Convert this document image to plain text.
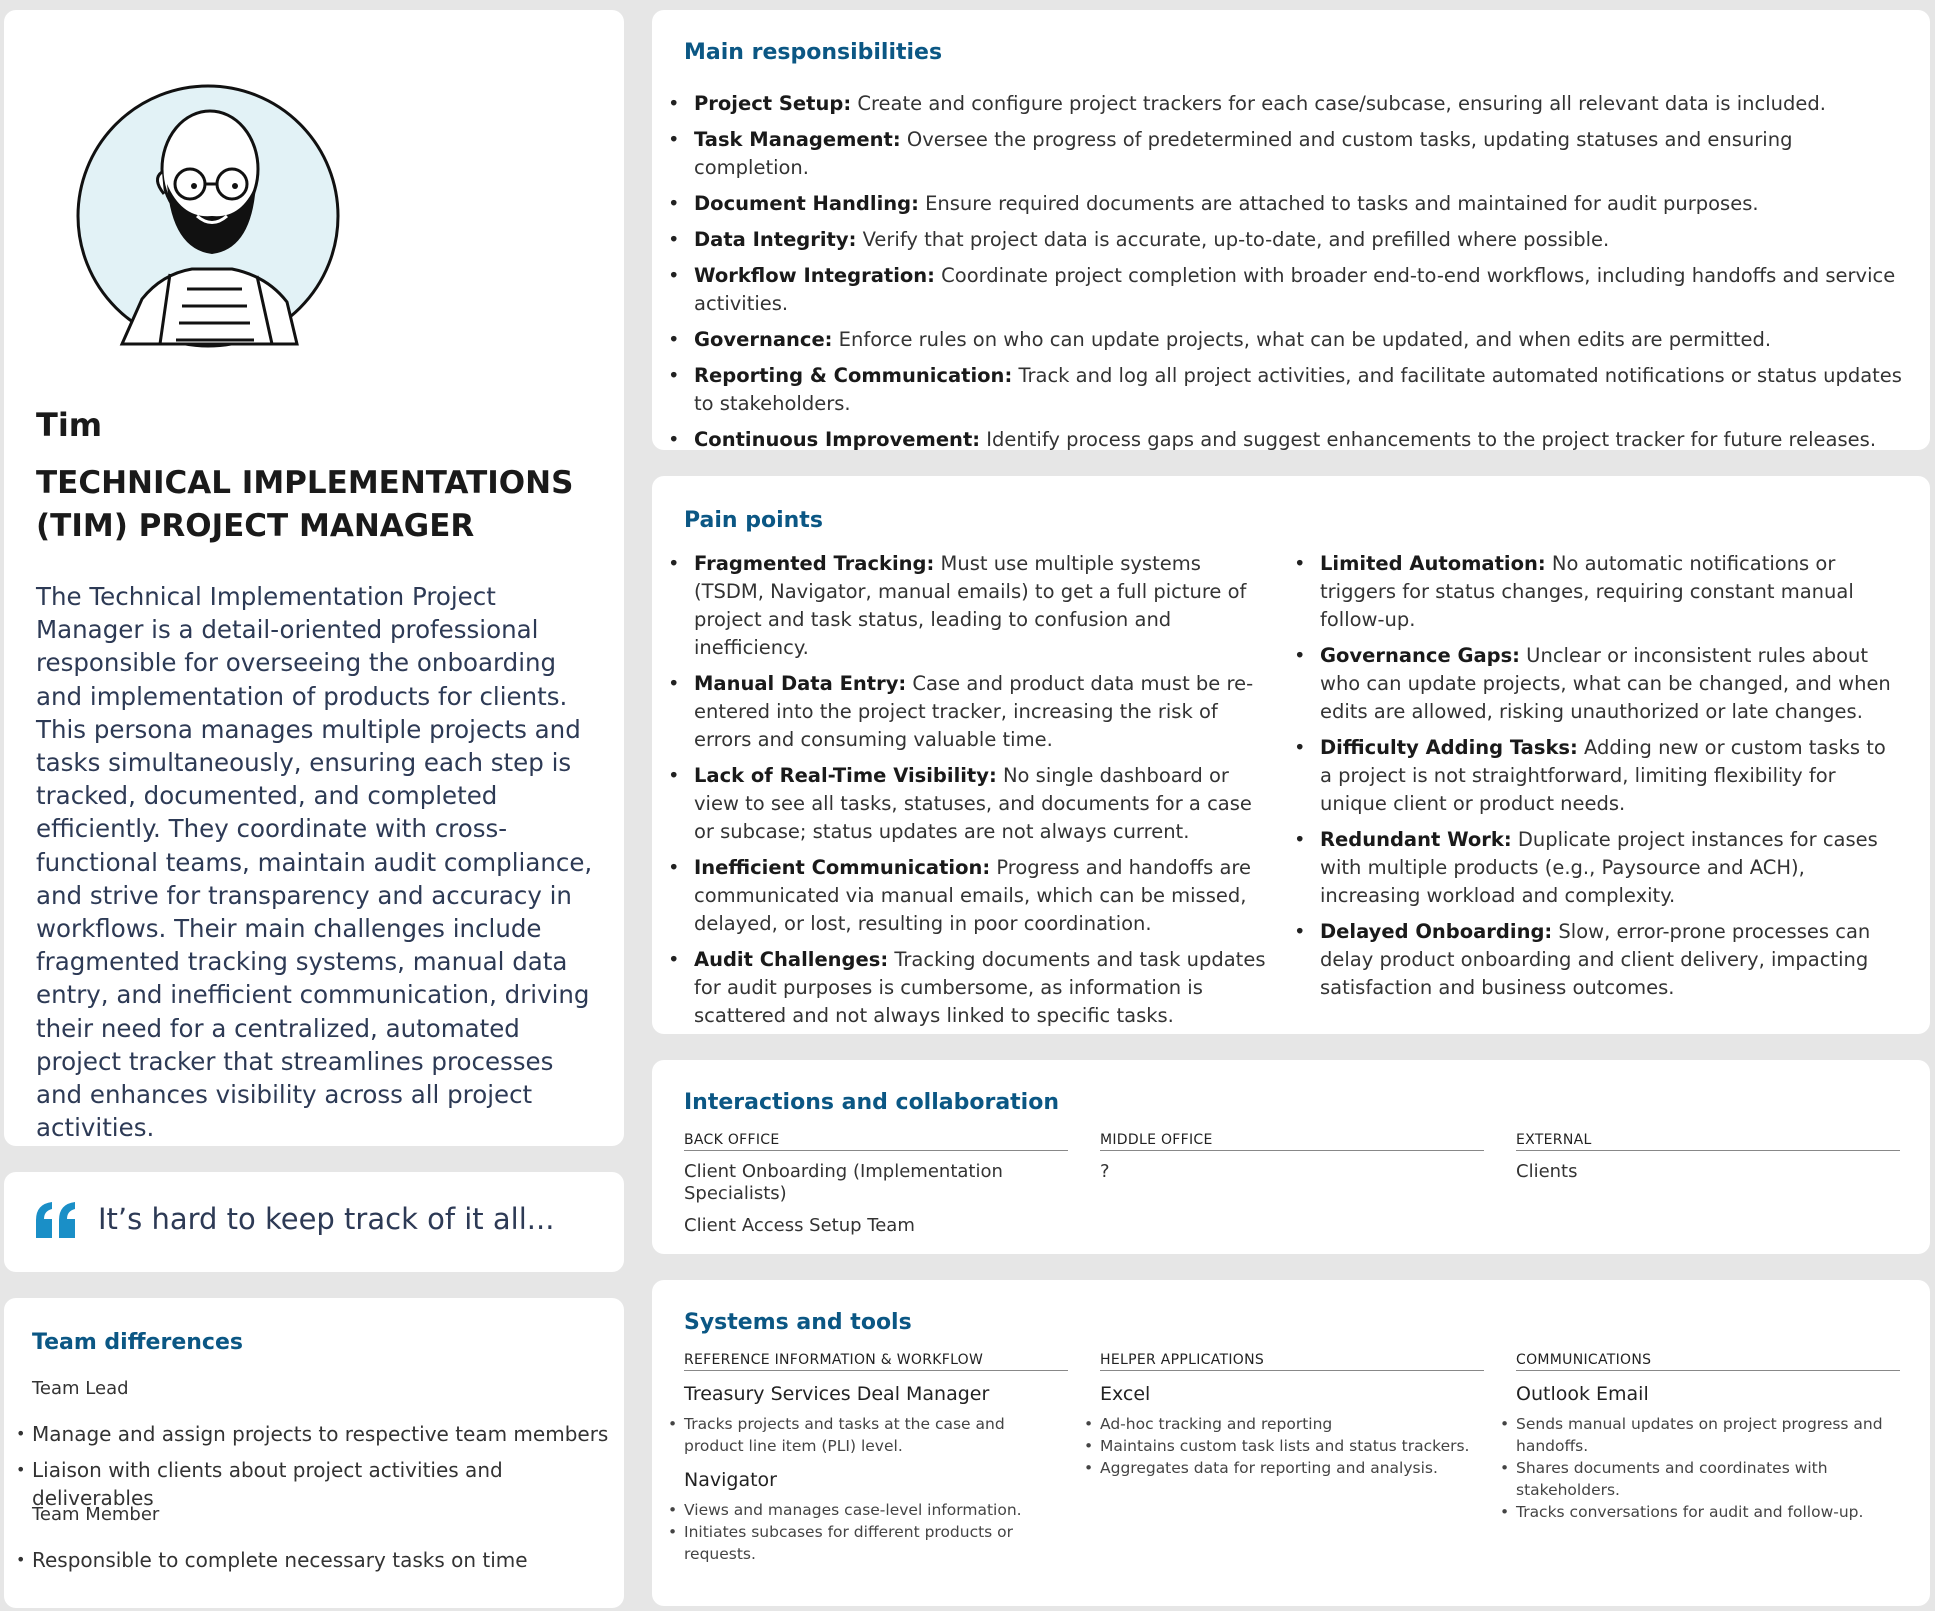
Tim
TECHNICAL IMPLEMENTATIONS (TIM) PROJECT MANAGER

The Technical Implementation Project Manager is a detail-oriented professional responsible for overseeing the onboarding and implementation of products for clients. This persona manages multiple projects and tasks simultaneously, ensuring each step is tracked, documented, and completed efficiently. They coordinate with cross-functional teams, maintain audit compliance, and strive for transparency and accuracy in workflows. Their main challenges include fragmented tracking systems, manual data entry, and inefficient communication, driving their need for a centralized, automated project tracker that streamlines processes and enhances visibility across all project activities.

It’s hard to keep track of it all...
Team differences
Team Lead
• Manage and assign projects to respective team members
• Liaison with clients about project activities and deliverables
Team Member
• Responsible to complete necessary tasks on time
Main responsibilities
• Project Setup: Create and configure project trackers for each case/subcase, ensuring all relevant data is included.
• Task Management: Oversee the progress of predetermined and custom tasks, updating statuses and ensuring completion.
• Document Handling: Ensure required documents are attached to tasks and maintained for audit purposes.
• Data Integrity: Verify that project data is accurate, up-to-date, and prefilled where possible.
• Workflow Integration: Coordinate project completion with broader end-to-end workflows, including handoffs and service activities.
• Governance: Enforce rules on who can update projects, what can be updated, and when edits are permitted.
• Reporting & Communication: Track and log all project activities, and facilitate automated notifications or status updates to stakeholders.
• Continuous Improvement: Identify process gaps and suggest enhancements to the project tracker for future releases.
Pain points
• Fragmented Tracking: Must use multiple systems (TSDM, Navigator, manual emails) to get a full picture of project and task status, leading to confusion and inefficiency.
• Manual Data Entry: Case and product data must be re-entered into the project tracker, increasing the risk of errors and consuming valuable time.
• Lack of Real-Time Visibility: No single dashboard or view to see all tasks, statuses, and documents for a case or subcase; status updates are not always current.
• Inefficient Communication: Progress and handoffs are communicated via manual emails, which can be missed, delayed, or lost, resulting in poor coordination.
• Audit Challenges: Tracking documents and task updates for audit purposes is cumbersome, as information is scattered and not always linked to specific tasks.
• Limited Automation: No automatic notifications or triggers for status changes, requiring constant manual follow-up.
• Governance Gaps: Unclear or inconsistent rules about who can update projects, what can be changed, and when edits are allowed, risking unauthorized or late changes.
• Difficulty Adding Tasks: Adding new or custom tasks to a project is not straightforward, limiting flexibility for unique client or product needs.
• Redundant Work: Duplicate project instances for cases with multiple products (e.g., Paysource and ACH), increasing workload and complexity.
• Delayed Onboarding: Slow, error-prone processes can delay product onboarding and client delivery, impacting satisfaction and business outcomes.
Interactions and collaboration
BACK OFFICE
Client Onboarding (Implementation Specialists)
Client Access Setup Team
MIDDLE OFFICE
?
EXTERNAL
Clients
Systems and tools
REFERENCE INFORMATION & WORKFLOW
Treasury Services Deal Manager
• Tracks projects and tasks at the case and product line item (PLI) level.
Navigator
• Views and manages case-level information.
• Initiates subcases for different products or requests.
HELPER APPLICATIONS
Excel
• Ad-hoc tracking and reporting
• Maintains custom task lists and status trackers.
• Aggregates data for reporting and analysis.
COMMUNICATIONS
Outlook Email
• Sends manual updates on project progress and handoffs.
• Shares documents and coordinates with stakeholders.
• Tracks conversations for audit and follow-up.
